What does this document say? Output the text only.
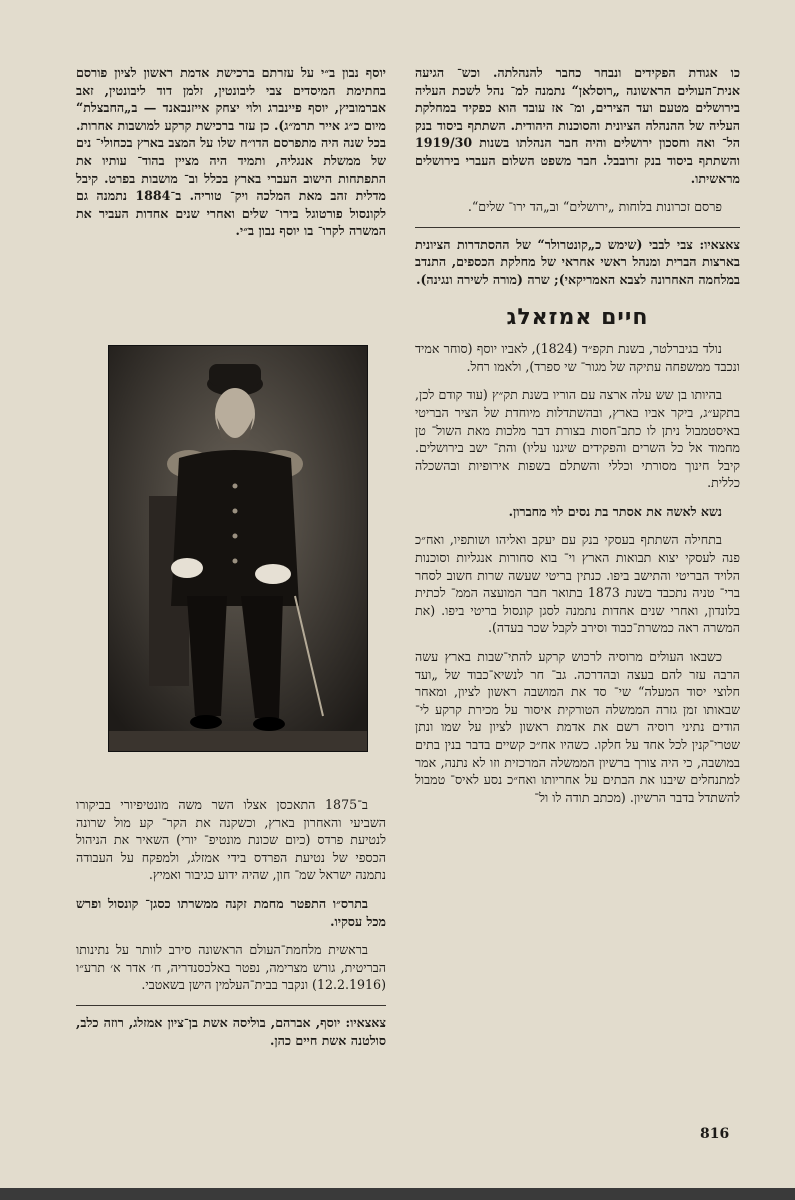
כו אגודת הפקידים ונבחר כחבר להנהלתה. וכש־ הגיעה אנית־העולים הראשונה „רוסלאן“ נתמנה למ־ נהל לשכת העליה בירושלים מטעם ועד הצירים, ומ־ אז עובד הוא כפקיד במחלקת העליה של ההנהלה הציונית והסוכנות היהודית. השתתף ביסוד בנק הל־ ואה וחסכון ירושלים והיה חבר הנהלתו בשנות 1919/30 והשתתף ביסוד בנק זרובבל. חבר משפט השלום העברי בירושלים מראשיתו.

פרסם זכרונות בלוחות „ירושלים“ וב„הד ירו־ שלים“.

צאצאיו: צבי לבבי (שימש כ„קונטרולר“ של ההסתדרות הציונית בארצות הברית ומנהל ראשי אחראי של מחלקת הכספים, התנדב במלחמה האחרונה לצבא האמריקאי); שרה (מורה לשירה ונגינה).

חיים אמזאלג

נולד בגיברלטר, בשנת תקפ״ד (1824), לאביו יוסף (סוחר אמיד ונכבד ממשפחה עתיקה של מגור־ שי ספרד), ולאמו רחל.

בהיותו בן שש עלה ארצה עם הוריו בשנת תק״ץ (עוד קודם לכן, בתקע״ג, ביקר אביו בארץ, ובהשתדלות מיוחדת של הציר הבריטי באיסטמבול ניתן לו כתב־חסות בצורת דבר מלכות מאת השול־ טן מחמוד אל כל השרים והפקידים שיגנו עליו) והת־ ישב בירושלים. קיבל חינוך מסורתי וכללי והשתלם בשפות אירופיות ובהשכלה כללית.

נשא לאשה את אסתר בת נסים לוי מחברון.

בתחילה השתתף בעסקי בנק עם יעקב ואליהו ושותפיו, ואח״כ פנה לעסקי יצוא תבואות הארץ וי־ בוא סחורות אנגליות וסוכנות הלויד הבריטי והתישב ביפו. כנתין בריטי שעשה שרות חשוב לסחר ברי־ טניה נתכבד בשנת 1873 בתואר חבר המועצה הממ־ לכתית בלונדון, ואחרי שנים אחדות נתמנה לסגן קונסול בריטי ביפו. (את המשרה ראה כמשרת־כבוד וסירב לקבל שכר בעדה).

כשבאו העולים מרוסיה לרכוש קרקע להתי־שבות בארץ עשה הרבה עזר להם בעצה ובהדרכה. גב־ חר לנשיא־כבוד של „ועד חלוצי יסוד המעלה“ שי־ סד את המושבה ראשון לציון, ומאחר שבאותו זמן גזרה הממשלה הטורקית איסור על מכירת קרקע לי־ הודים נתיני רוסיה רשם את אדמת ראשון לציון על שמו ונתן שטרי־קנין לכל אחד על חלקו. כשהיו אח״כ קשיים בדבר בנין בתים במושבה, כי היה צורך ברשיון הממשלה המרכזית וזו לא נתנה, אמר למתנחלים שיבנו את הבתים על אחריותו ואח״כ נסע לאיס־ טמבול להשתדל בדבר הרשיון. (מכתב תודה לו ול־

יוסף נבון ב״י על עזרתם ברכישת אדמת ראשון לציון פורסם בחתימת המיסדים צבי ליבונטין, זלמן דוד ליבונטין, זאב אברמוביץ, יוסף פיינברג ולוי יצחק אייזנבאנד — ב„החבצלת“ מיום כ״ג אייר תרמ״ג). כן עזר ברכישת קרקע למושבות אחרות. בכל שנה היה מתפרסם הדו״ח שלו על המצב בארץ בכחולי־ נים של ממשלת אנגליה, ותמיד היה מציין בהוד־ עותיו את התפתחות הישוב העברי בארץ בכלל וב־ מושבות בפרט. קיבל מדלית זהב מאת המלכה ויק־ טוריה. ב־1884 נתמנה גם לקונסול פורטוגל בירו־ שלים ואחרי שנים אחדות העביר את המשרה לקרו־ בו יוסף נבון ב״י.

ב־1875 התאכסן אצלו השר משה מונטיפיורי בביקורו השביעי והאחרון בארץ, וכשקנה את הקר־ קע מול שרונה לנטיעת פרדס (כיום שכונת מונטיפ־ יורי) השאיר את הניהול הכספי של נטיעת הפרדס בידי אמזלג, ולמפקח על העבודה נתמנה ישראל שמ־ חון, שהיה ידוע כגיבור ואמיץ.

בתרס״ו התפטר מחמת זקנה ממשרתו כסגן־ קונסול ופרש מכל עסקיו.

בראשית מלחמת־העולם הראשונה סירב לוותר על נתינותו הבריטית, גורש מצרימה, נפטר באלכסנדריה, ח׳ אדר א׳ תרע״ו (12.2.1916) ונקבר בבית־העלמין הישן בשאטבי.

צאצאיו: יוסף, אברהם, בוליסה אשת בן־ציון אמזלג, רוזה כלב, סולטנה אשת חיים כהן.

816
